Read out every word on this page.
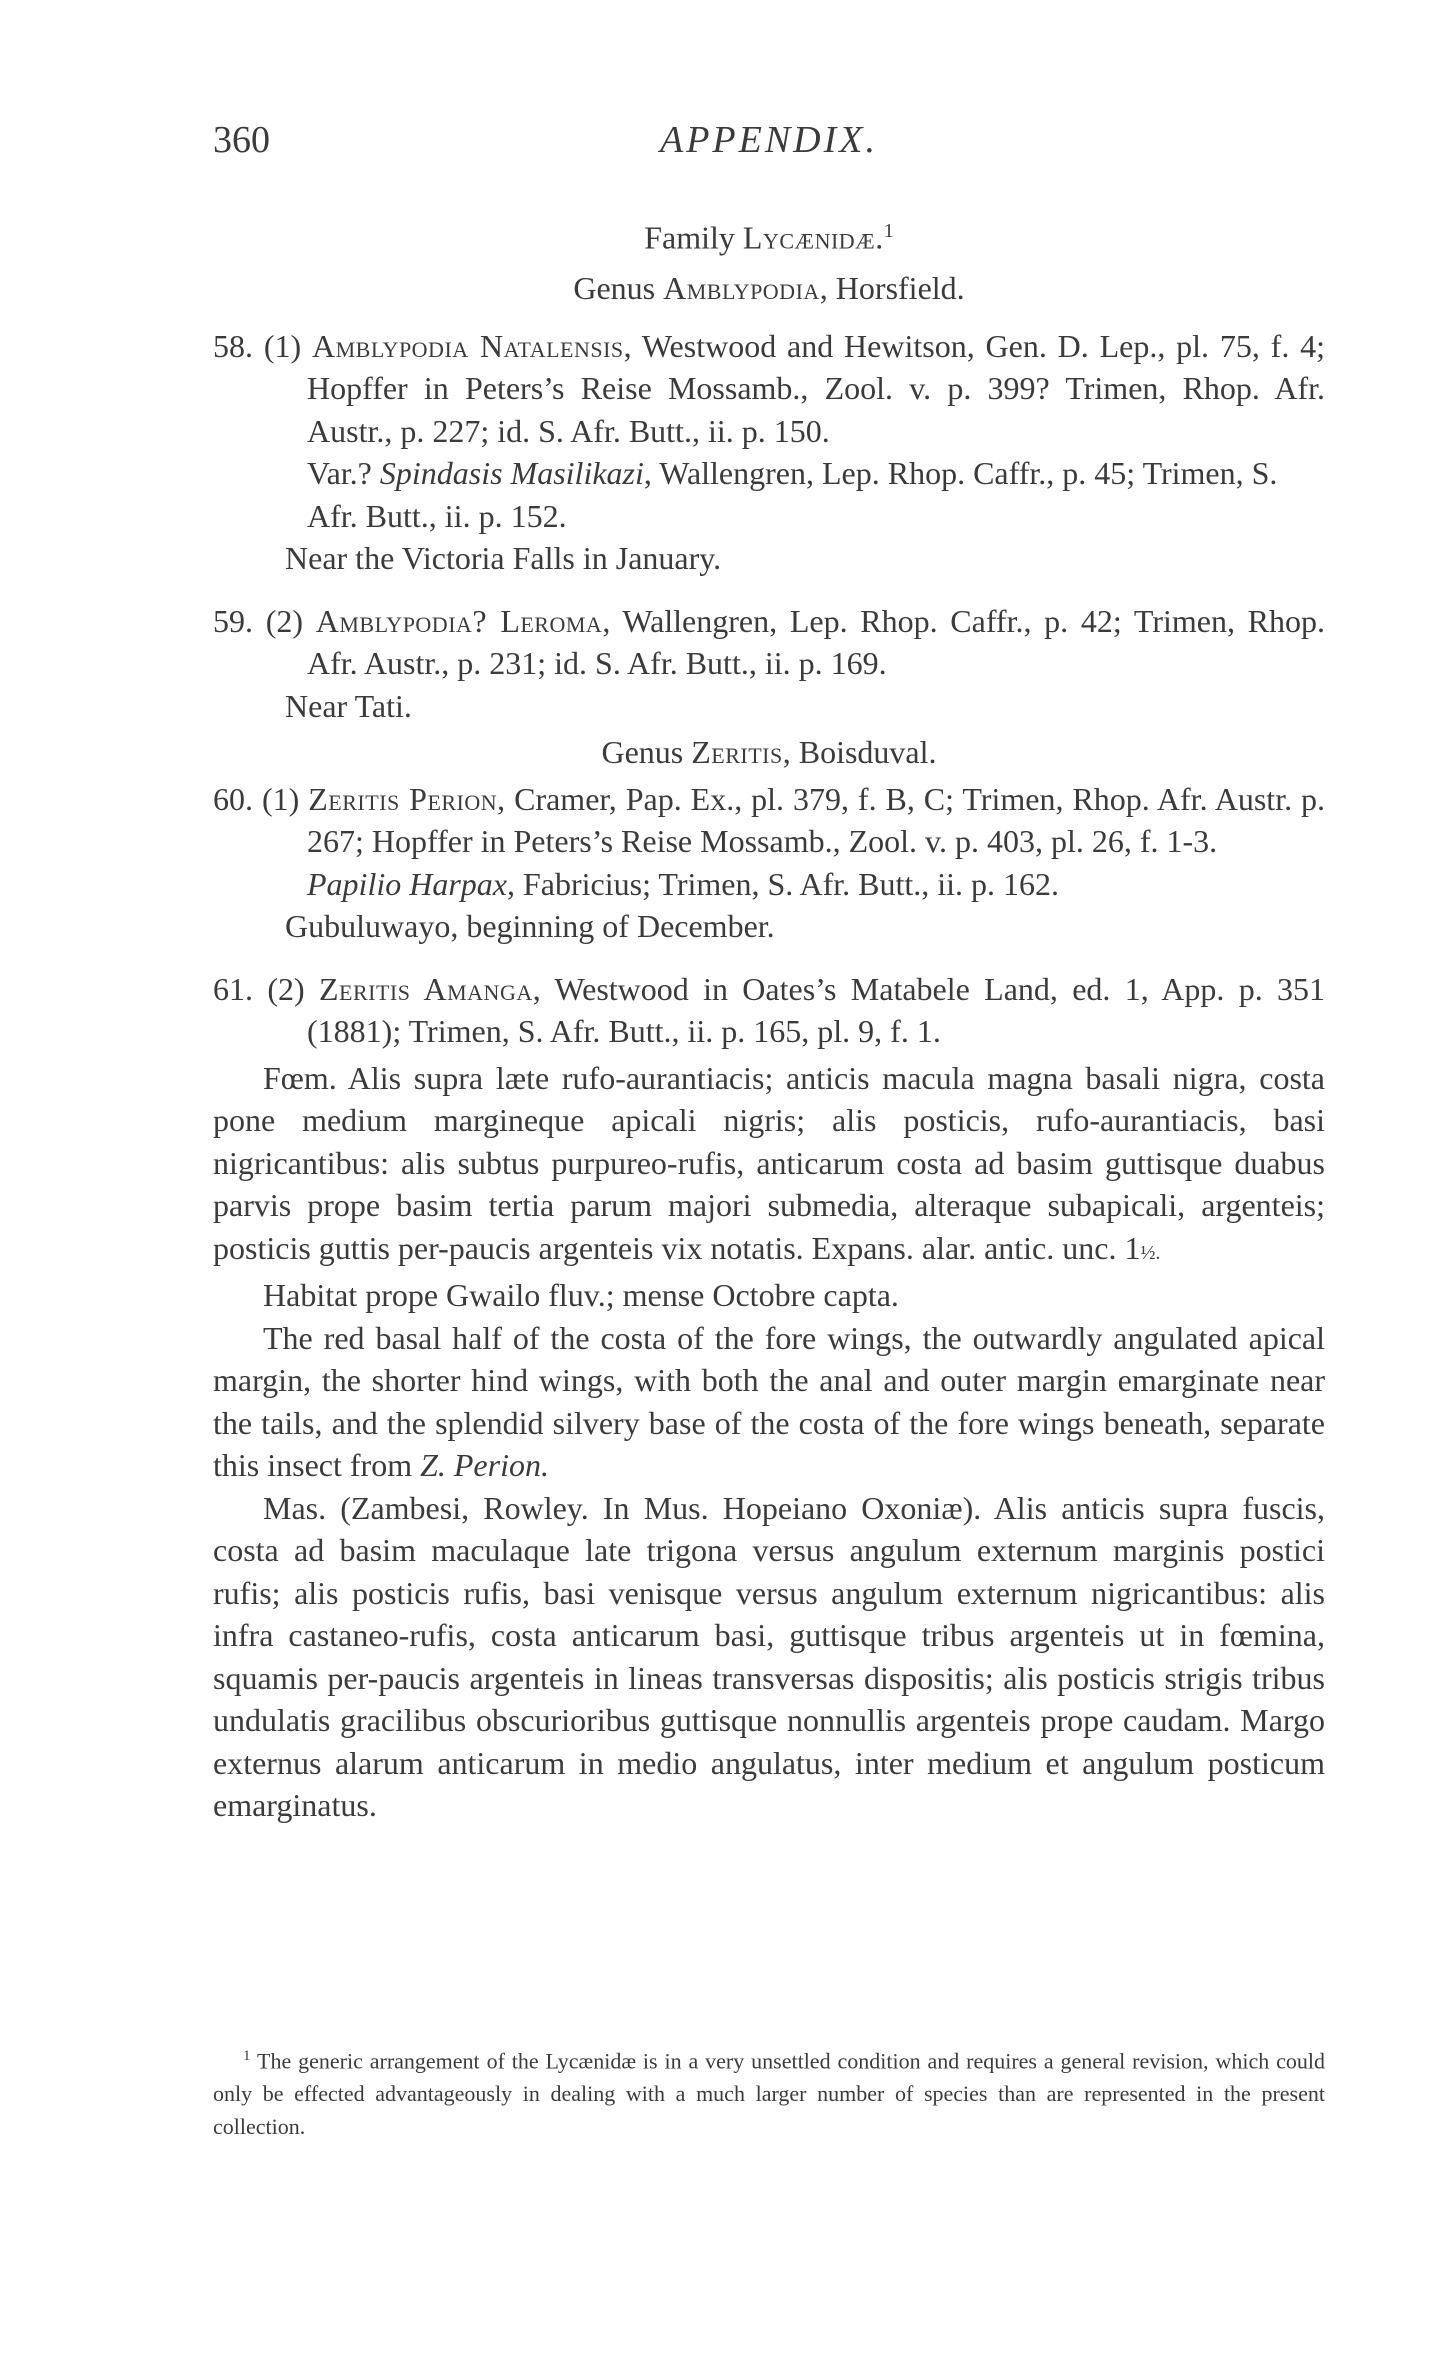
360	APPENDIX.

Family Lycænidæ.$^1$

Genus Amblypodia, Horsfield.

58. (1) Amblypodia Natalensis, Westwood and Hewitson, Gen. D. Lep., pl. 75, f. 4; Hopffer in Peters’s Reise Mossamb., Zool. v. p. 399? Trimen, Rhop. Afr. Austr., p. 227; id. S. Afr. Butt., ii. p. 150.

Var.? Spindasis Masilikazi, Wallengren, Lep. Rhop. Caffr., p. 45; Trimen, S. Afr. Butt., ii. p. 152.

Near the Victoria Falls in January.

59. (2) Amblypodia? Leroma, Wallengren, Lep. Rhop. Caffr., p. 42; Trimen, Rhop. Afr. Austr., p. 231; id. S. Afr. Butt., ii. p. 169.

Near Tati.

Genus Zeritis, Boisduval.

60. (1) Zeritis Perion, Cramer, Pap. Ex., pl. 379, f. B, C; Trimen, Rhop. Afr. Austr. p. 267; Hopffer in Peters’s Reise Mossamb., Zool. v. p. 403, pl. 26, f. 1-3.

Papilio Harpax, Fabricius; Trimen, S. Afr. Butt., ii. p. 162.

Gubuluwayo, beginning of December.

61. (2) Zeritis Amanga, Westwood in Oates’s Matabele Land, ed. 1, App. p. 351 (1881); Trimen, S. Afr. Butt., ii. p. 165, pl. 9, f. 1.

Fœm. Alis supra læte rufo-aurantiacis; anticis macula magna basali nigra, costa pone medium margineque apicali nigris; alis posticis, rufo-aurantiacis, basi nigricantibus: alis subtus purpureo-rufis, anticarum costa ad basim guttisque duabus parvis prope basim tertia parum majori submedia, alteraque subapicali, argenteis; posticis guttis per-paucis argenteis vix notatis. Expans. alar. antic. unc. 1½.

Habitat prope Gwailo fluv.; mense Octobre capta.

The red basal half of the costa of the fore wings, the outwardly angulated apical margin, the shorter hind wings, with both the anal and outer margin emarginate near the tails, and the splendid silvery base of the costa of the fore wings beneath, separate this insect from Z. Perion.

Mas. (Zambesi, Rowley. In Mus. Hopeiano Oxoniæ). Alis anticis supra fuscis, costa ad basim maculaque late trigona versus angulum externum marginis postici rufis; alis posticis rufis, basi venisque versus angulum externum nigricantibus: alis infra castaneo-rufis, costa anticarum basi, guttisque tribus argenteis ut in fœmina, squamis per-paucis argenteis in lineas transversas dispositis; alis posticis strigis tribus undulatis gracilibus obscurioribus guttisque nonnullis argenteis prope caudam. Margo externus alarum anticarum in medio angulatus, inter medium et angulum posticum emarginatus.

$^1$ The generic arrangement of the Lycænidæ is in a very unsettled condition and requires a general revision, which could only be effected advantageously in dealing with a much larger number of species than are represented in the present collection.
